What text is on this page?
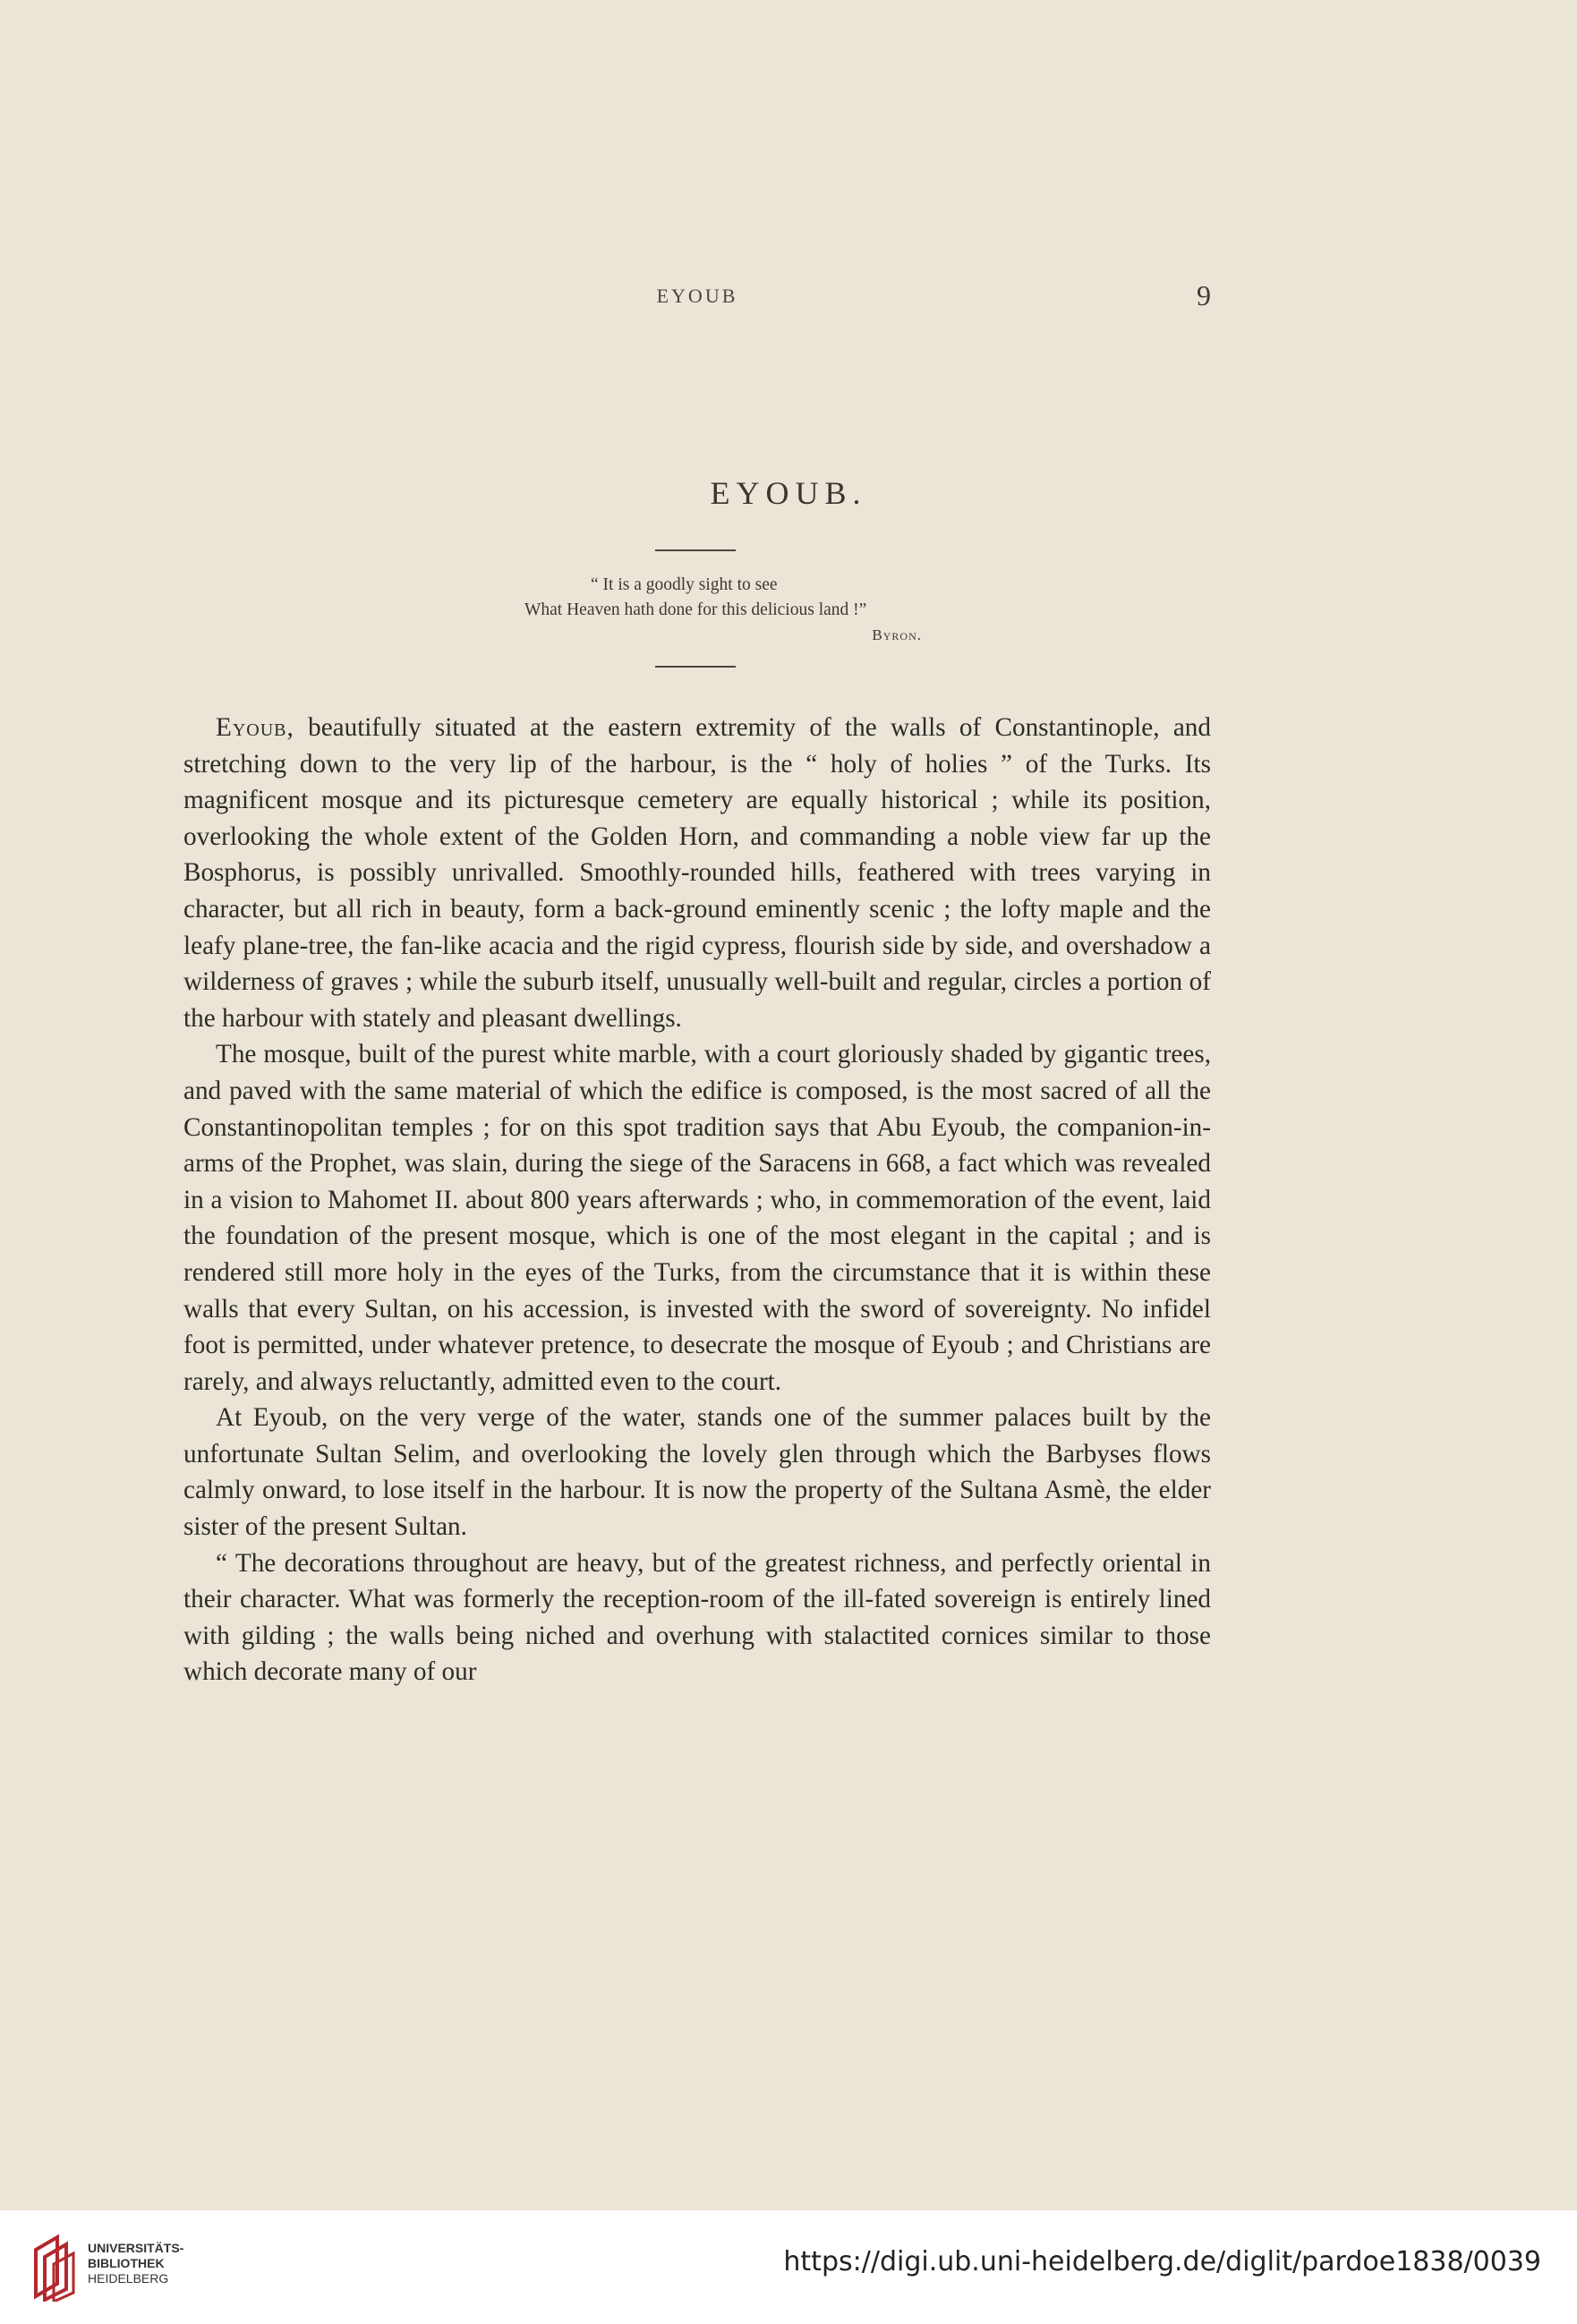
EYOUB	9
EYOUB.
“ It is a goodly sight to see
What Heaven hath done for this delicious land !”
Byron.

Eyoub, beautifully situated at the eastern extremity of the walls of Constantinople, and stretching down to the very lip of the harbour, is the “ holy of holies ” of the Turks. Its magnificent mosque and its picturesque cemetery are equally historical ; while its position, overlooking the whole extent of the Golden Horn, and commanding a noble view far up the Bosphorus, is possibly unrivalled. Smoothly-rounded hills, feathered with trees varying in character, but all rich in beauty, form a back-ground eminently scenic ; the lofty maple and the leafy plane-tree, the fan-like acacia and the rigid cypress, flourish side by side, and overshadow a wilderness of graves ; while the suburb itself, unusually well-built and regular, circles a portion of the harbour with stately and pleasant dwellings.

The mosque, built of the purest white marble, with a court gloriously shaded by gigantic trees, and paved with the same material of which the edifice is composed, is the most sacred of all the Constantinopolitan temples ; for on this spot tradition says that Abu Eyoub, the companion-in-arms of the Prophet, was slain, during the siege of the Saracens in 668, a fact which was revealed in a vision to Mahomet II. about 800 years afterwards ; who, in commemoration of the event, laid the foundation of the present mosque, which is one of the most elegant in the capital ; and is rendered still more holy in the eyes of the Turks, from the circumstance that it is within these walls that every Sultan, on his accession, is invested with the sword of sovereignty. No infidel foot is permitted, under whatever pretence, to desecrate the mosque of Eyoub ; and Christians are rarely, and always reluctantly, admitted even to the court.

At Eyoub, on the very verge of the water, stands one of the summer palaces built by the unfortunate Sultan Selim, and overlooking the lovely glen through which the Barbyses flows calmly onward, to lose itself in the harbour. It is now the property of the Sultana Asmè, the elder sister of the present Sultan.

“ The decorations throughout are heavy, but of the greatest richness, and perfectly oriental in their character. What was formerly the reception-room of the ill-fated sovereign is entirely lined with gilding ; the walls being niched and overhung with stalactited cornices similar to those which decorate many of our

UNIVERSITÄTS-
BIBLIOTHEK
HEIDELBERG
https://digi.ub.uni-heidelberg.de/diglit/pardoe1838/0039
